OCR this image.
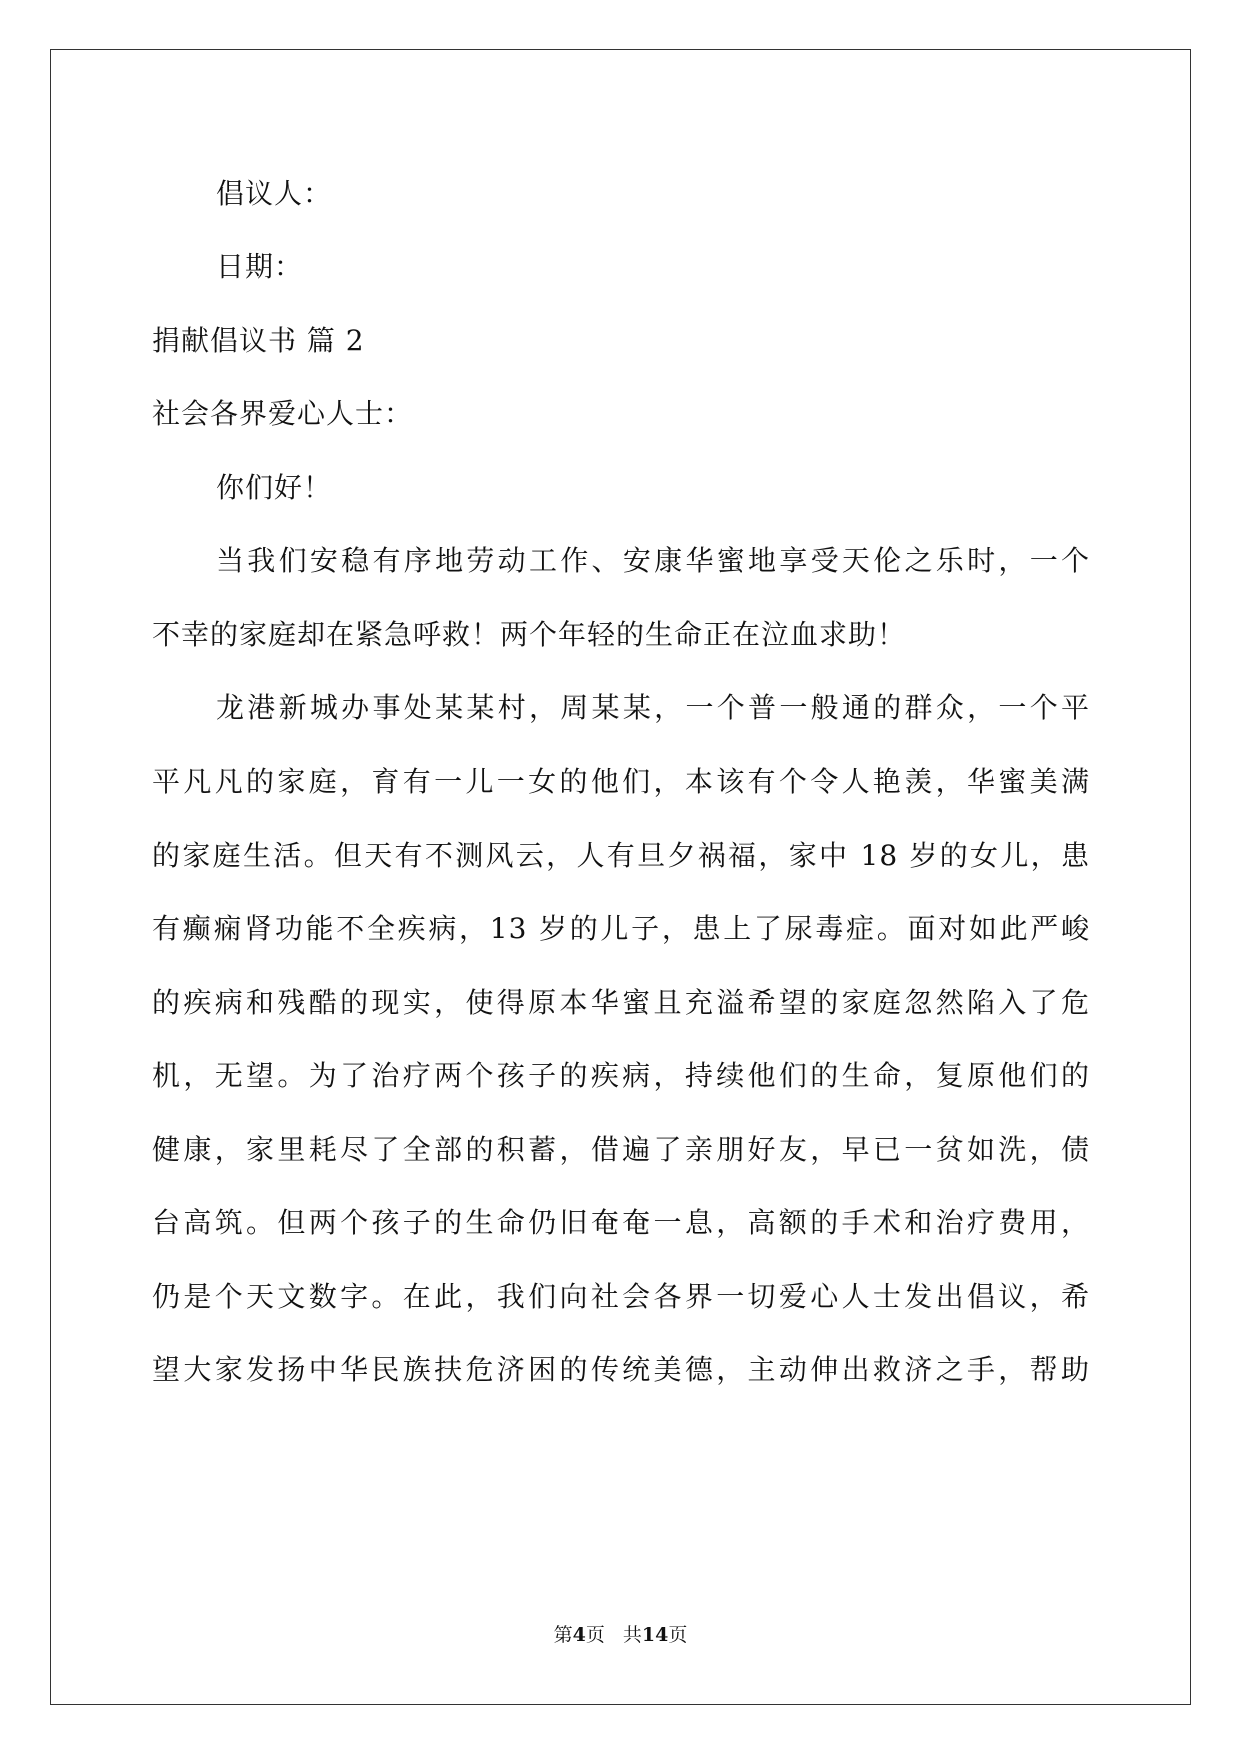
倡议人：
日期：
捐献倡议书 篇 2
社会各界爱心人士：
你们好！
当我们安稳有序地劳动工作、安康华蜜地享受天伦之乐时，一个
不幸的家庭却在紧急呼救！两个年轻的生命正在泣血求助！
龙港新城办事处某某村，周某某，一个普一般通的群众，一个平
平凡凡的家庭，育有一儿一女的他们，本该有个令人艳羡，华蜜美满
的家庭生活。但天有不测风云，人有旦夕祸福，家中 18 岁的女儿，患
有癫痫肾功能不全疾病，13 岁的儿子，患上了尿毒症。面对如此严峻
的疾病和残酷的现实，使得原本华蜜且充溢希望的家庭忽然陷入了危
机，无望。为了治疗两个孩子的疾病，持续他们的生命，复原他们的
健康，家里耗尽了全部的积蓄，借遍了亲朋好友，早已一贫如洗，债
台高筑。但两个孩子的生命仍旧奄奄一息，高额的手术和治疗费用，
仍是个天文数字。在此，我们向社会各界一切爱心人士发出倡议，希
望大家发扬中华民族扶危济困的传统美德，主动伸出救济之手，帮助
第4页 共14页
